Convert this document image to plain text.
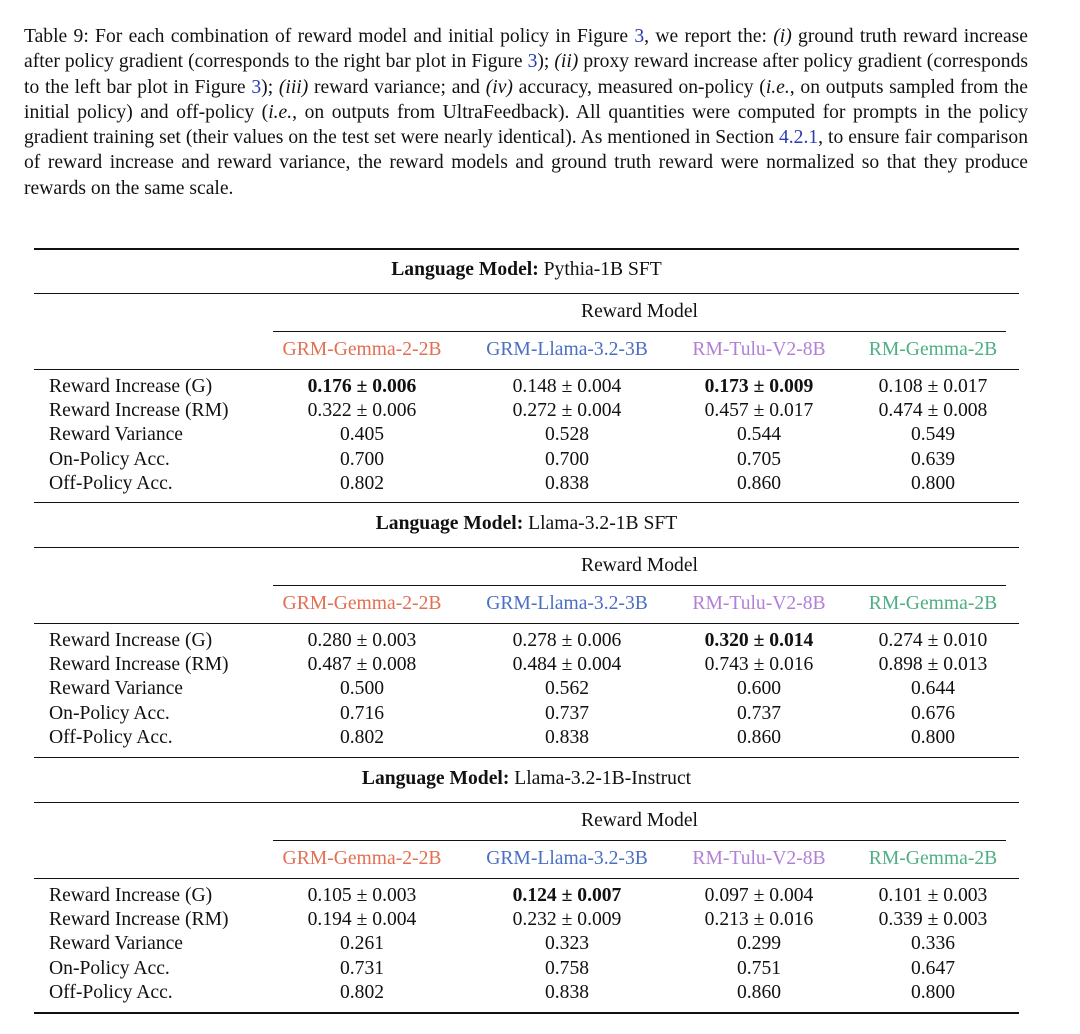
Table 9: For each combination of reward model and initial policy in Figure 3, we report the: (i) ground truth reward increase after policy gradient (corresponds to the right bar plot in Figure 3); (ii) proxy reward increase after policy gradient (corresponds to the left bar plot in Figure 3); (iii) reward variance; and (iv) accuracy, measured on-policy (i.e., on outputs sampled from the initial policy) and off-policy (i.e., on outputs from UltraFeedback). All quantities were computed for prompts in the policy gradient training set (their values on the test set were nearly identical). As mentioned in Section 4.2.1, to ensure fair comparison of reward increase and reward variance, the reward models and ground truth reward were normalized so that they produce rewards on the same scale.

Language Model: Pythia-1B SFT
Reward Model
GRM-Gemma-2-2B GRM-Llama-3.2-3B RM-Tulu-V2-8B RM-Gemma-2B
Reward Increase (G)	0.176 ± 0.006	0.148 ± 0.004	0.173 ± 0.009	0.108 ± 0.017
Reward Increase (RM)	0.322 ± 0.006	0.272 ± 0.004	0.457 ± 0.017	0.474 ± 0.008
Reward Variance	0.405	0.528	0.544	0.549
On-Policy Acc.	0.700	0.700	0.705	0.639
Off-Policy Acc.	0.802	0.838	0.860	0.800
Language Model: Llama-3.2-1B SFT
Reward Model
GRM-Gemma-2-2B GRM-Llama-3.2-3B RM-Tulu-V2-8B RM-Gemma-2B
Reward Increase (G)	0.280 ± 0.003	0.278 ± 0.006	0.320 ± 0.014	0.274 ± 0.010
Reward Increase (RM)	0.487 ± 0.008	0.484 ± 0.004	0.743 ± 0.016	0.898 ± 0.013
Reward Variance	0.500	0.562	0.600	0.644
On-Policy Acc.	0.716	0.737	0.737	0.676
Off-Policy Acc.	0.802	0.838	0.860	0.800
Language Model: Llama-3.2-1B-Instruct
Reward Model
GRM-Gemma-2-2B GRM-Llama-3.2-3B RM-Tulu-V2-8B RM-Gemma-2B
Reward Increase (G)	0.105 ± 0.003	0.124 ± 0.007	0.097 ± 0.004	0.101 ± 0.003
Reward Increase (RM)	0.194 ± 0.004	0.232 ± 0.009	0.213 ± 0.016	0.339 ± 0.003
Reward Variance	0.261	0.323	0.299	0.336
On-Policy Acc.	0.731	0.758	0.751	0.647
Off-Policy Acc.	0.802	0.838	0.860	0.800
